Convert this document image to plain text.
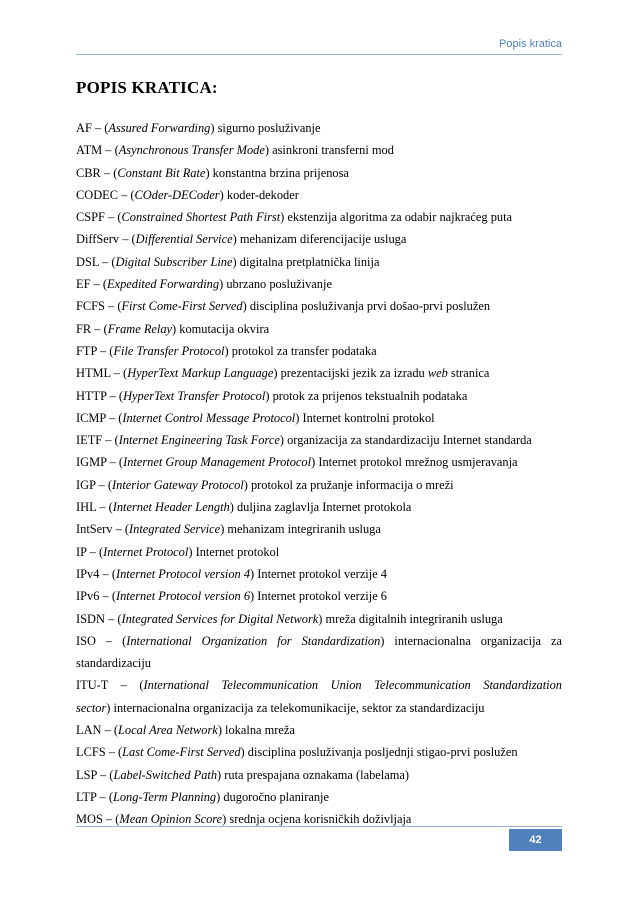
Popis kratica
POPIS KRATICA:
AF – (Assured Forwarding) sigurno posluživanje
ATM – (Asynchronous Transfer Mode) asinkroni transferni mod
CBR – (Constant Bit Rate) konstantna brzina prijenosa
CODEC – (COder-DECoder) koder-dekoder
CSPF – (Constrained Shortest Path First) ekstenzija algoritma za odabir najkraćeg puta
DiffServ – (Differential Service) mehanizam diferencijacije usluga
DSL – (Digital Subscriber Line) digitalna pretplatnička linija
EF – (Expedited Forwarding) ubrzano posluživanje
FCFS – (First Come-First Served) disciplina posluživanja prvi došao-prvi poslužen
FR – (Frame Relay) komutacija okvira
FTP – (File Transfer Protocol) protokol za transfer podataka
HTML – (HyperText Markup Language) prezentacijski jezik za izradu web stranica
HTTP – (HyperText Transfer Protocol) protok za prijenos tekstualnih podataka
ICMP – (Internet Control Message Protocol) Internet kontrolni protokol
IETF – (Internet Engineering Task Force) organizacija za standardizaciju Internet standarda
IGMP – (Internet Group Management Protocol) Internet protokol mrežnog usmjeravanja
IGP – (Interior Gateway Protocol) protokol za pružanje informacija o mreži
IHL – (Internet Header Length) duljina zaglavlja Internet protokola
IntServ – (Integrated Service) mehanizam integriranih usluga
IP – (Internet Protocol) Internet protokol
IPv4 – (Internet Protocol version 4) Internet protokol verzije 4
IPv6 – (Internet Protocol version 6) Internet protokol verzije 6
ISDN – (Integrated Services for Digital Network) mreža digitalnih integriranih usluga
ISO – (International Organization for Standardization) internacionalna organizacija za
standardizaciju
ITU-T – (International Telecommunication Union Telecommunication Standardization
sector) internacionalna organizacija za telekomunikacije, sektor za standardizaciju
LAN – (Local Area Network) lokalna mreža
LCFS – (Last Come-First Served) disciplina posluživanja posljednji stigao-prvi poslužen
LSP – (Label-Switched Path) ruta prespajana oznakama (labelama)
LTP – (Long-Term Planning) dugoročno planiranje
MOS – (Mean Opinion Score) srednja ocjena korisničkih doživljaja
42
